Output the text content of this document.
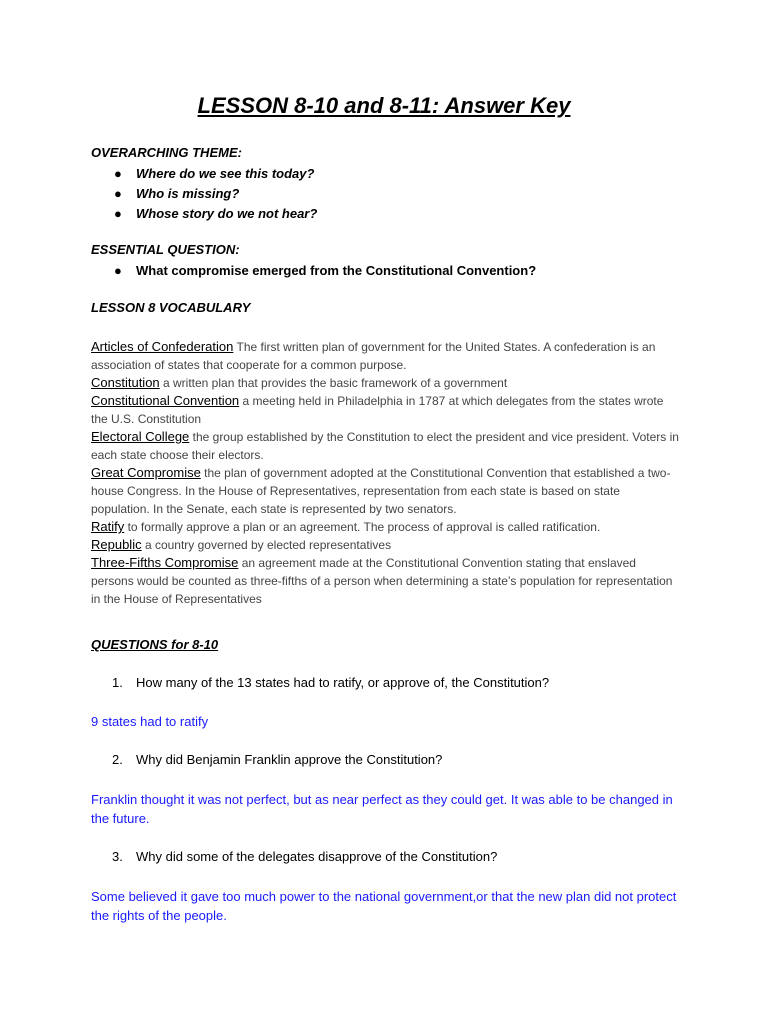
LESSON 8-10 and 8-11: Answer Key

OVERARCHING THEME:

● Where do we see this today?
● Who is missing?
● Whose story do we not hear?

ESSENTIAL QUESTION:

● What compromise emerged from the Constitutional Convention?

LESSON 8 VOCABULARY

Articles of Confederation The first written plan of government for the United States. A confederation is an association of states that cooperate for a common purpose.

Constitution a written plan that provides the basic framework of a government

Constitutional Convention a meeting held in Philadelphia in 1787 at which delegates from the states wrote the U.S. Constitution

Electoral College the group established by the Constitution to elect the president and vice president. Voters in each state choose their electors.

Great Compromise the plan of government adopted at the Constitutional Convention that established a two-house Congress. In the House of Representatives, representation from each state is based on state population. In the Senate, each state is represented by two senators.

Ratify to formally approve a plan or an agreement. The process of approval is called ratification.

Republic a country governed by elected representatives

Three-Fifths Compromise an agreement made at the Constitutional Convention stating that enslaved persons would be counted as three-fifths of a person when determining a state’s population for representation in the House of Representatives

QUESTIONS for 8-10

1. How many of the 13 states had to ratify, or approve of, the Constitution?
9 states had to ratify
2. Why did Benjamin Franklin approve the Constitution?
Franklin thought it was not perfect, but as near perfect as they could get. It was able to be changed in the future.
3. Why did some of the delegates disapprove of the Constitution?
Some believed it gave too much power to the national government,or that the new plan did not protect the rights of the people.
